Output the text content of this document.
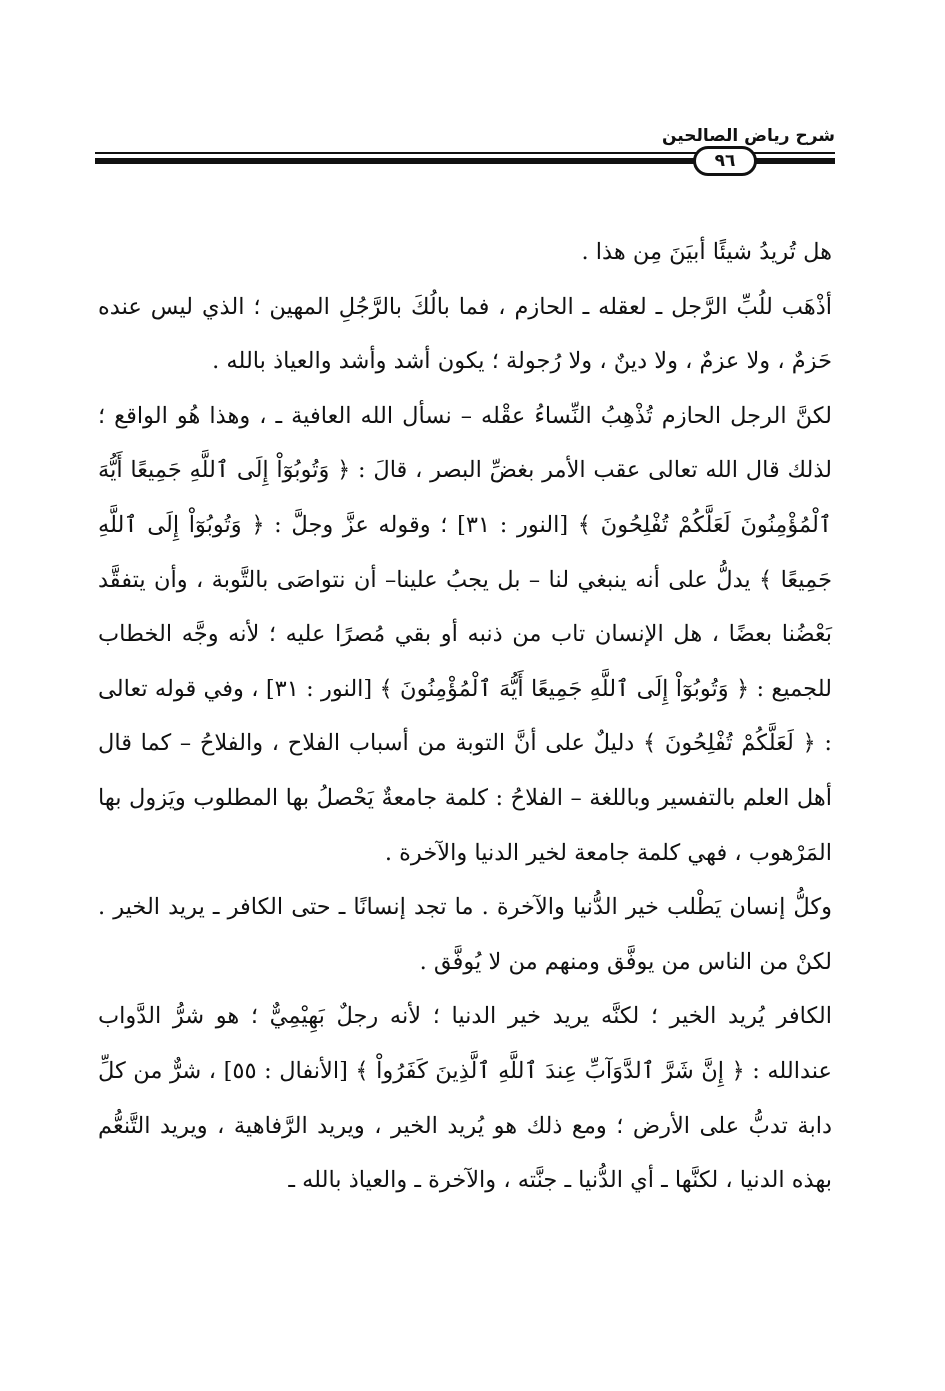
شرح رياض الصالحين
٩٦

هل تُريدُ شيئًا أبيَنَ مِن هذا .

أذْهَب للُبِّ الرَّجل ـ لعقله ـ الحازم ، فما بالُكَ بالرَّجُلِ المهين ؛ الذي ليس عنده حَزمٌ ، ولا عزمٌ ، ولا دينٌ ، ولا رُجولة ؛ يكون أشد وأشد والعياذ بالله .

لكنَّ الرجل الحازم تُذْهِبُ النِّساءُ عقْله – نسأل الله العافية ـ ، وهذا هُو الواقع ؛ لذلك قال الله تعالى عقب الأمر بغضِّ البصر ، قالَ : ﴿ وَتُوبُوٓاْ إِلَى ٱللَّهِ جَمِيعًا أَيُّهَ ٱلْمُؤْمِنُونَ لَعَلَّكُمْ تُفْلِحُونَ ﴾ [النور : ٣١] ؛ وقوله عزَّ وجلَّ : ﴿ وَتُوبُوٓاْ إِلَى ٱللَّهِ جَمِيعًا ﴾ يدلُّ على أنه ينبغي لنا – بل يجبُ علينا– أن نتواصَى بالتَّوبة ، وأن يتفقَّد بَعْضُنا بعضًا ، هل الإنسان تاب من ذنبه أو بقي مُصرًا عليه ؛ لأنه وجَّه الخطاب للجميع : ﴿ وَتُوبُوٓاْ إِلَى ٱللَّهِ جَمِيعًا أَيُّهَ ٱلْمُؤْمِنُونَ ﴾ [النور : ٣١] ، وفي قوله تعالى : ﴿ لَعَلَّكُمْ تُفْلِحُونَ ﴾ دليلٌ على أنَّ التوبة من أسباب الفلاح ، والفلاحُ – كما قال أهل العلم بالتفسير وباللغة – الفلاحُ : كلمة جامعةٌ يَحْصلُ بها المطلوب ويَزول بها المَرْهوب ، فهي كلمة جامعة لخير الدنيا والآخرة .

وكلُّ إنسان يَطْلب خير الدُّنيا والآخرة . ما تجد إنسانًا ـ حتى الكافر ـ يريد الخير . لكنْ من الناس من يوفَّق ومنهم من لا يُوفَّق .

الكافر يُريد الخير ؛ لكنَّه يريد خير الدنيا ؛ لأنه رجلٌ بَهِيْمِيٌّ ؛ هو شرُّ الدَّواب عندالله : ﴿ إِنَّ شَرَّ ٱلدَّوَآبِّ عِندَ ٱللَّهِ ٱلَّذِينَ كَفَرُواْ ﴾ [الأنفال : ٥٥] ، شرٌّ من كلِّ دابة تدبُّ على الأرض ؛ ومع ذلك هو يُريد الخير ، ويريد الرَّفاهية ، ويريد التَّنعُّم بهذه الدنيا ، لكنَّها ـ أي الدُّنيا ـ جنَّته ، والآخرة ـ والعياذ بالله ـ
